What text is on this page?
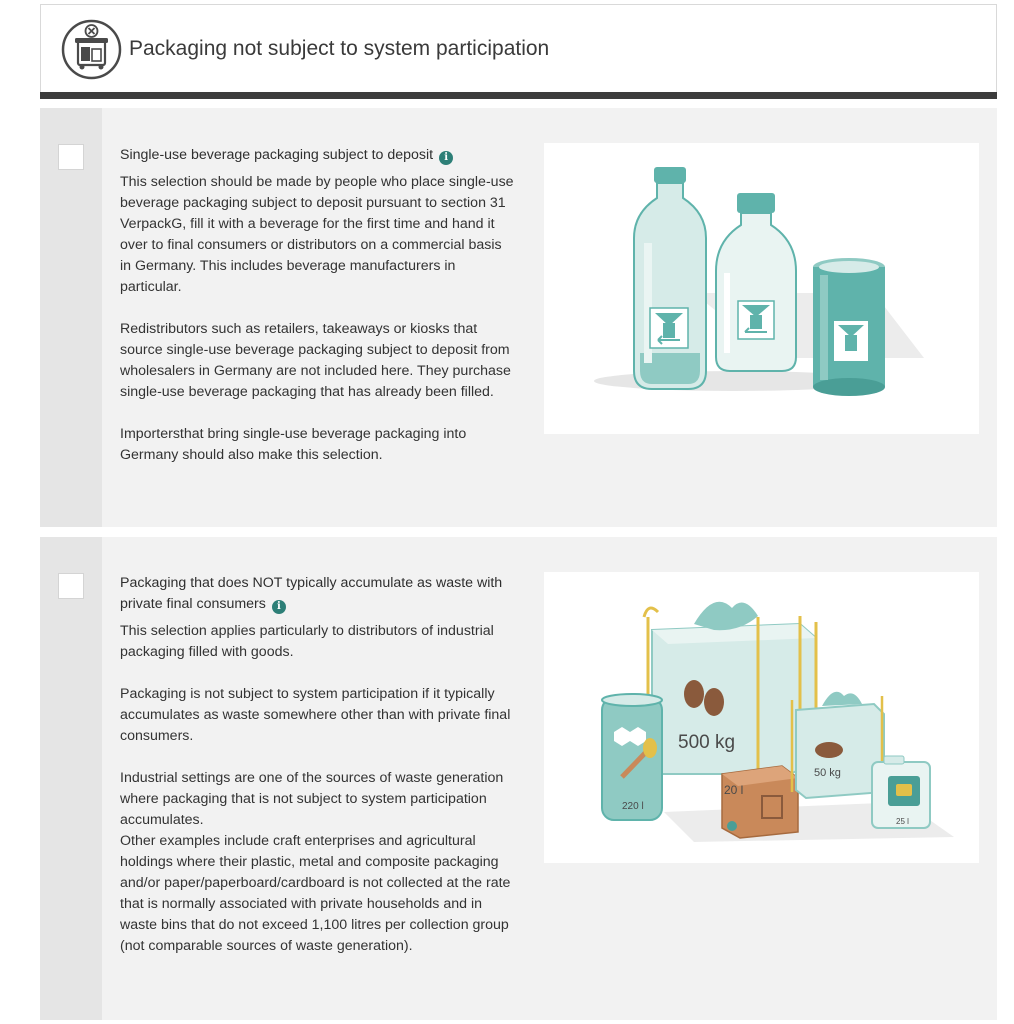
Packaging not subject to system participation
Single-use beverage packaging subject to deposit i

This selection should be made by people who place single-use beverage packaging subject to deposit pursuant to section 31 VerpackG, fill it with a beverage for the first time and hand it over to final consumers or distributors on a commercial basis in Germany. This includes beverage manufacturers in particular.

Redistributors such as retailers, takeaways or kiosks that source single-use beverage packaging subject to deposit from wholesalers in Germany are not included here. They purchase single-use beverage packaging that has already been filled.

Importersthat bring single-use beverage packaging into Germany should also make this selection.

Packaging that does NOT typically accumulate as waste with private final consumers i

This selection applies particularly to distributors of industrial packaging filled with goods.

Packaging is not subject to system participation if it typically accumulates as waste somewhere other than with private final consumers.

Industrial settings are one of the sources of waste generation where packaging that is not subject to system participation accumulates.

Other examples include craft enterprises and agricultural holdings where their plastic, metal and composite packaging and/or paper/paperboard/cardboard is not collected at the rate that is normally associated with private households and in waste bins that do not exceed 1,100 litres per collection group (not comparable sources of waste generation).

500 kg
220 l
20 l
50 kg
25 l
